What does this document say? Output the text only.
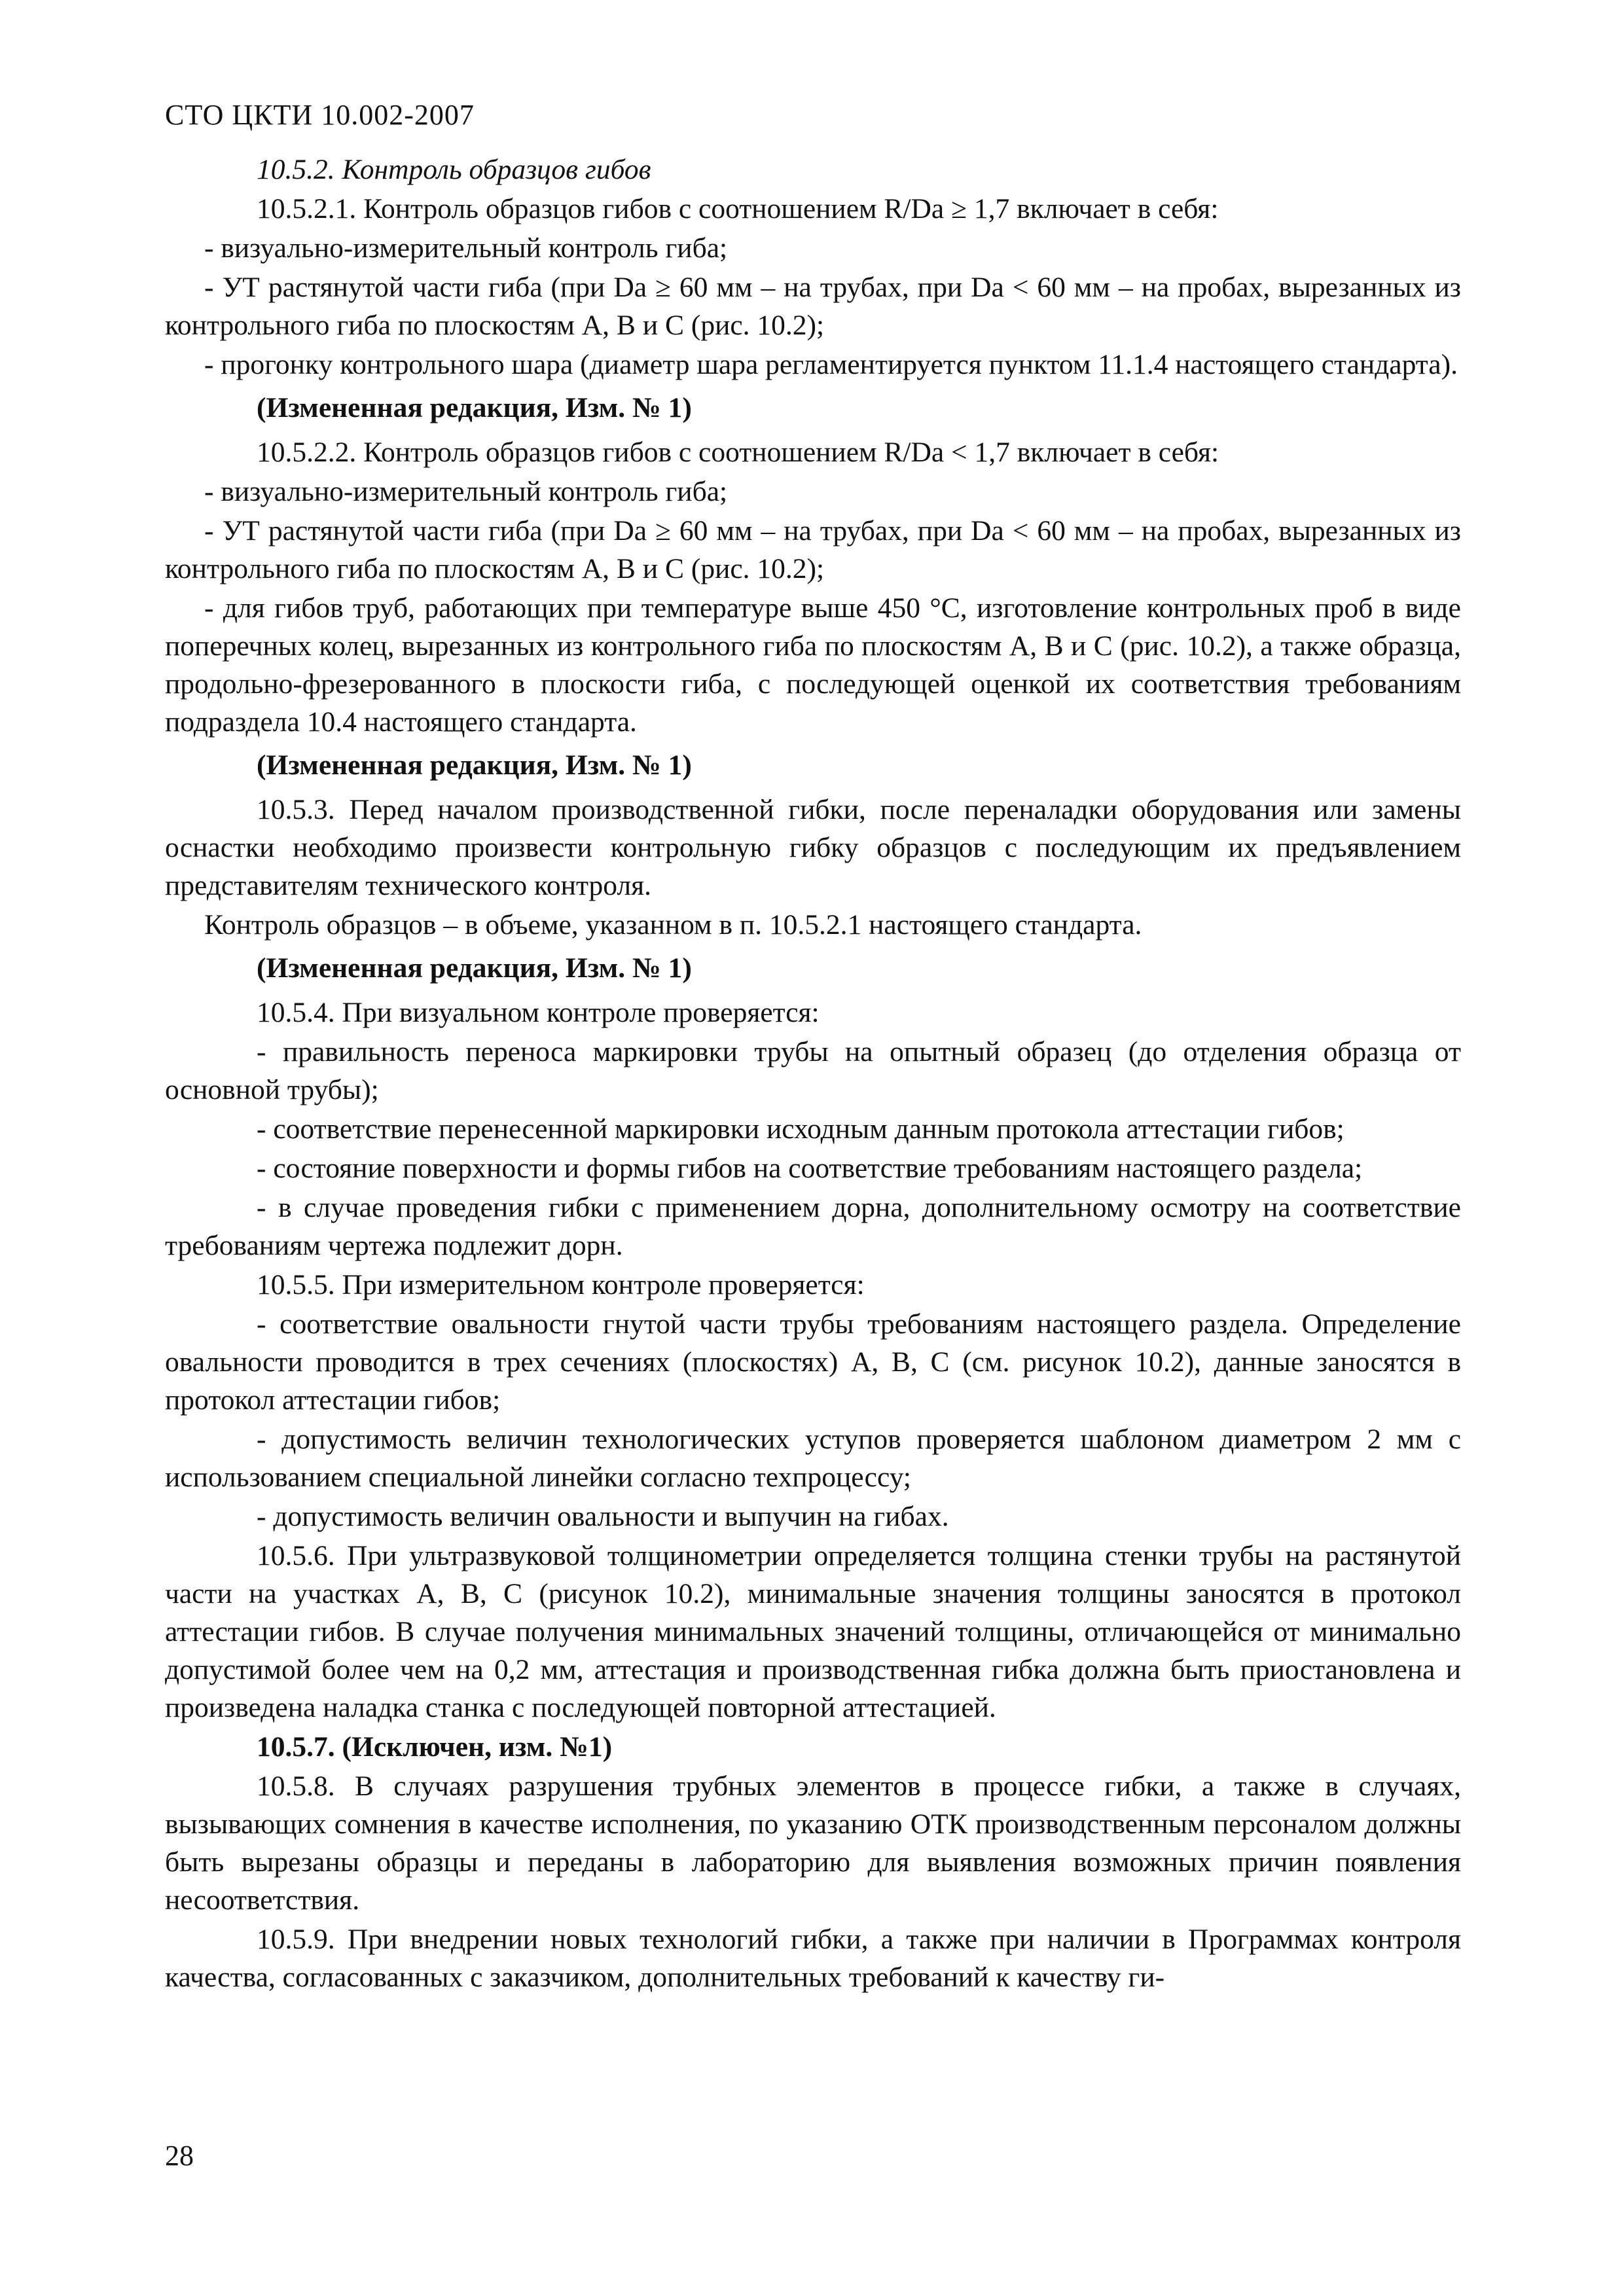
СТО ЦКТИ 10.002-2007

10.5.2. Контроль образцов гибов

10.5.2.1. Контроль образцов гибов с соотношением R/Da ≥ 1,7 включает в себя:

- визуально-измерительный контроль гиба;

- УТ растянутой части гиба (при Da ≥ 60 мм – на трубах, при Da < 60 мм – на пробах, вырезанных из контрольного гиба по плоскостям A, B и C (рис. 10.2);

- прогонку контрольного шара (диаметр шара регламентируется пунктом 11.1.4 настоящего стандарта).

(Измененная редакция, Изм. № 1)

10.5.2.2. Контроль образцов гибов с соотношением R/Da < 1,7 включает в себя:

- визуально-измерительный контроль гиба;

- УТ растянутой части гиба (при Da ≥ 60 мм – на трубах, при Da < 60 мм – на пробах, вырезанных из контрольного гиба по плоскостям A, B и C (рис. 10.2);

- для гибов труб, работающих при температуре выше 450 °С, изготовление контрольных проб в виде поперечных колец, вырезанных из контрольного гиба по плоскостям A, B и C (рис. 10.2), а также образца, продольно-фрезерованного в плоскости гиба, с последующей оценкой их соответствия требованиям подраздела 10.4 настоящего стандарта.

(Измененная редакция, Изм. № 1)

10.5.3. Перед началом производственной гибки, после переналадки оборудования или замены оснастки необходимо произвести контрольную гибку образцов с последующим их предъявлением представителям технического контроля.

Контроль образцов – в объеме, указанном в п. 10.5.2.1 настоящего стандарта.

(Измененная редакция, Изм. № 1)

10.5.4. При визуальном контроле проверяется:

- правильность переноса маркировки трубы на опытный образец (до отделения образца от основной трубы);

- соответствие перенесенной маркировки исходным данным протокола аттестации гибов;

- состояние поверхности и формы гибов на соответствие требованиям настоящего раздела;

- в случае проведения гибки с применением дорна, дополнительному осмотру на соответствие требованиям чертежа подлежит дорн.

10.5.5. При измерительном контроле проверяется:

- соответствие овальности гнутой части трубы требованиям настоящего раздела. Определение овальности проводится в трех сечениях (плоскостях) A, B, C (см. рисунок 10.2), данные заносятся в протокол аттестации гибов;

- допустимость величин технологических уступов проверяется шаблоном диаметром 2 мм с использованием специальной линейки согласно техпроцессу;

- допустимость величин овальности и выпучин на гибах.

10.5.6. При ультразвуковой толщинометрии определяется толщина стенки трубы на растянутой части на участках A, B, C (рисунок 10.2), минимальные значения толщины заносятся в протокол аттестации гибов. В случае получения минимальных значений толщины, отличающейся от минимально допустимой более чем на 0,2 мм, аттестация и производственная гибка должна быть приостановлена и произведена наладка станка с последующей повторной аттестацией.

10.5.7. (Исключен, изм. №1)

10.5.8. В случаях разрушения трубных элементов в процессе гибки, а также в случаях, вызывающих сомнения в качестве исполнения, по указанию ОТК производственным персоналом должны быть вырезаны образцы и переданы в лабораторию для выявления возможных причин появления несоответствия.

10.5.9. При внедрении новых технологий гибки, а также при наличии в Программах контроля качества, согласованных с заказчиком, дополнительных требований к качеству ги-

28
